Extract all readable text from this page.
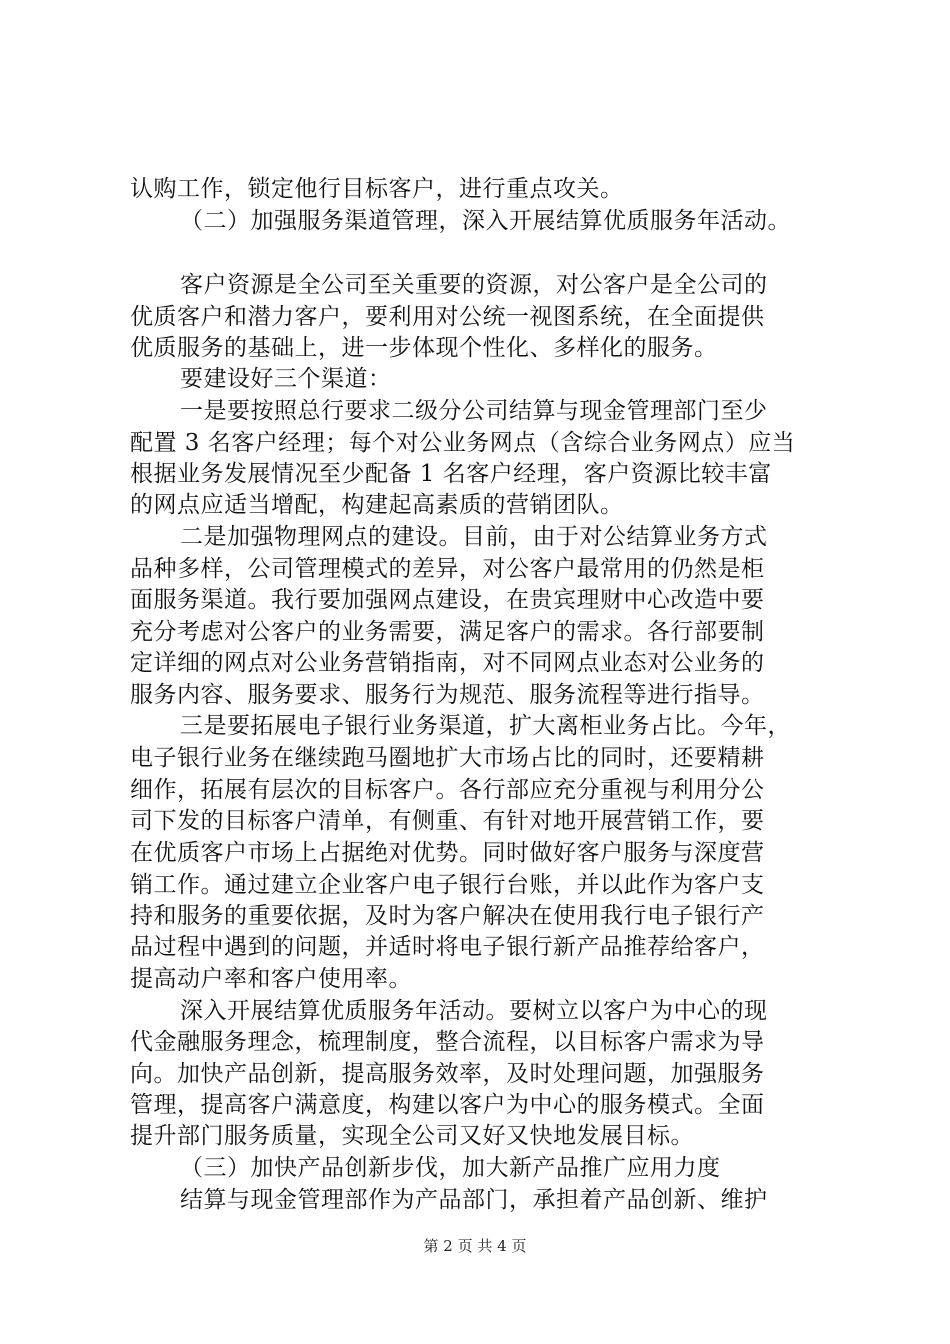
认购工作，锁定他行目标客户，进行重点攻关。
（二）加强服务渠道管理，深入开展结算优质服务年活动。
客户资源是全公司至关重要的资源，对公客户是全公司的
优质客户和潜力客户，要利用对公统一视图系统，在全面提供
优质服务的基础上，进一步体现个性化、多样化的服务。
要建设好三个渠道：
一是要按照总行要求二级分公司结算与现金管理部门至少
配置 3 名客户经理；每个对公业务网点（含综合业务网点）应当
根据业务发展情况至少配备 1 名客户经理，客户资源比较丰富
的网点应适当增配，构建起高素质的营销团队。
二是加强物理网点的建设。目前，由于对公结算业务方式
品种多样，公司管理模式的差异，对公客户最常用的仍然是柜
面服务渠道。我行要加强网点建设，在贵宾理财中心改造中要
充分考虑对公客户的业务需要，满足客户的需求。各行部要制
定详细的网点对公业务营销指南，对不同网点业态对公业务的
服务内容、服务要求、服务行为规范、服务流程等进行指导。
三是要拓展电子银行业务渠道，扩大离柜业务占比。今年，
电子银行业务在继续跑马圈地扩大市场占比的同时，还要精耕
细作，拓展有层次的目标客户。各行部应充分重视与利用分公
司下发的目标客户清单，有侧重、有针对地开展营销工作，要
在优质客户市场上占据绝对优势。同时做好客户服务与深度营
销工作。通过建立企业客户电子银行台账，并以此作为客户支
持和服务的重要依据，及时为客户解决在使用我行电子银行产
品过程中遇到的问题，并适时将电子银行新产品推荐给客户，
提高动户率和客户使用率。
深入开展结算优质服务年活动。要树立以客户为中心的现
代金融服务理念，梳理制度，整合流程，以目标客户需求为导
向。加快产品创新，提高服务效率，及时处理问题，加强服务
管理，提高客户满意度，构建以客户为中心的服务模式。全面
提升部门服务质量，实现全公司又好又快地发展目标。
（三）加快产品创新步伐，加大新产品推广应用力度
结算与现金管理部作为产品部门，承担着产品创新、维护
第 2 页 共 4 页
